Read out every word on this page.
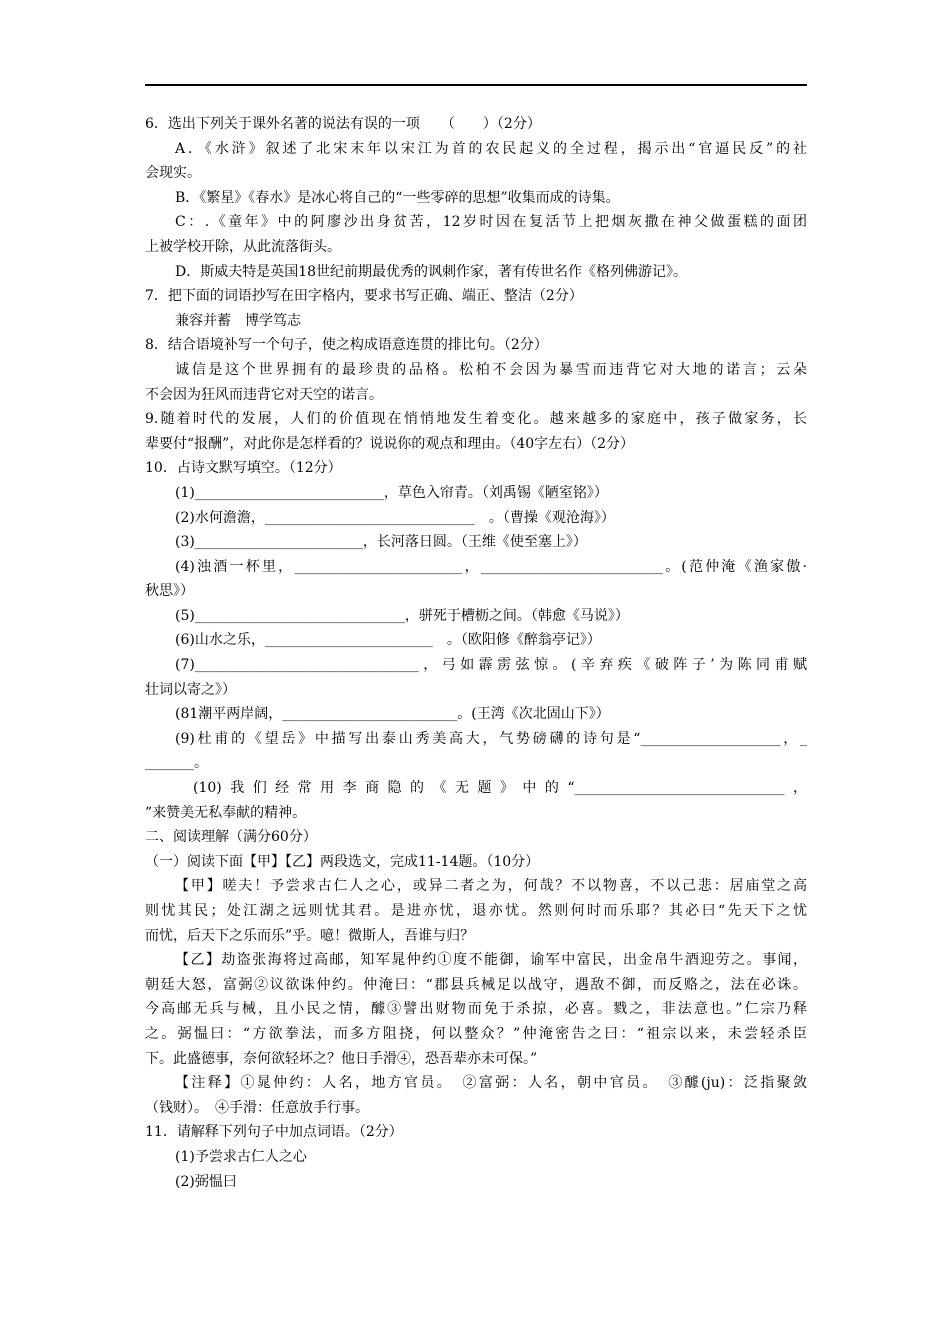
6．选出下列关于课外名著的说法有误的一项　　（　　）（2分）
A．《水浒》叙述了北宋末年以宋江为首的农民起义的全过程，揭示出“官逼民反”的社
会现实。
B．《繁星》《春水》是冰心将自己的“一些零碎的思想”收集而成的诗集。
C：.《童年》中的阿廖沙出身贫苦，12岁时因在复活节上把烟灰撒在神父做蛋糕的面团
上被学校开除，从此流落街头。
D．斯威夫特是英国18世纪前期最优秀的讽刺作家，著有传世名作《格列佛游记》。
7．把下面的词语抄写在田字格内，要求书写正确、端正、整洁（2分）
兼容并蓄　博学笃志
8．结合语境补写一个句子，使之构成语意连贯的排比句。（2分）
诚信是这个世界拥有的最珍贵的品格。松柏不会因为暴雪而违背它对大地的诺言；云朵
不会因为狂风而违背它对天空的诺言。
9.随着时代的发展，人们的价值现在悄悄地发生着变化。越来越多的家庭中，孩子做家务，长
辈要付“报酬”，对此你是怎样看的？说说你的观点和理由。（40字左右）（2分）
10．占诗文默写填空。（12分）
(1)___________________________，草色入帘青。（刘禹锡《陋室铭》）
(2)水何澹澹，______________________________　。（曹操《观沧海》）
(3)________________________，长河落日圆。（王维《使至塞上》）
(4)浊酒一杯里，________________________，__________________________。(范仲淹《渔家傲·
秋思》）
(5)______________________________，骈死于槽枥之间。（韩愈《马说》）
(6)山水之乐，________________________　。（欧阳修《醉翁亭记》）
(7)________________________________，弓如霹雳弦惊。(辛弃疾《破阵子’为陈同甫赋
壮词以寄之》）
(81潮平两岸阔，_________________________。(王湾《次北固山下》）
(9)杜甫的《望岳》中描写出泰山秀美高大，气势磅礴的诗句是“____________________，_
_______。
(10)我们经常用李商隐的《无题》中的“______________________________，
”来赞美无私奉献的精神。
二、阅读理解（满分60分）
（一）阅读下面【甲】【乙】两段选文，完成11-14题。（10分）
【甲】嗟夫！予尝求古仁人之心，或异二者之为，何哉？不以物喜，不以己悲：居庙堂之高
则忧其民；处江湖之远则忧其君。是进亦忧，退亦忧。然则何时而乐耶？其必曰“先天下之忧
而忧，后天下之乐而乐”乎。噫！微斯人，吾谁与归？
【乙】劫盗张海将过高邮，知军晁仲约①度不能御，谕军中富民，出金帛牛酒迎劳之。事闻，
朝廷大怒，富弼②议欲诛仲约。仲淹曰：“郡县兵械足以战守，遇敌不御，而反赂之，法在必诛。
今高邮无兵与械，且小民之情，醵③譬出财物而免于杀掠，必喜。戮之，非法意也。”仁宗乃释
之。弼愠曰：“方欲拳法，而多方阻挠，何以整众？”仲淹密告之曰：“祖宗以来，未尝轻杀臣
下。此盛德事，奈何欲轻坏之？他日手滑④，恐吾辈亦未可保。”
【注释】①晁仲约：人名，地方官员。　②富弼：人名，朝中官员。　③醵(ju)：泛指聚敛
（钱财）。　④手滑：任意放手行事。
11．请解释下列句子中加点词语。（2分）
(1)予尝求古仁人之心
(2)弼愠曰
